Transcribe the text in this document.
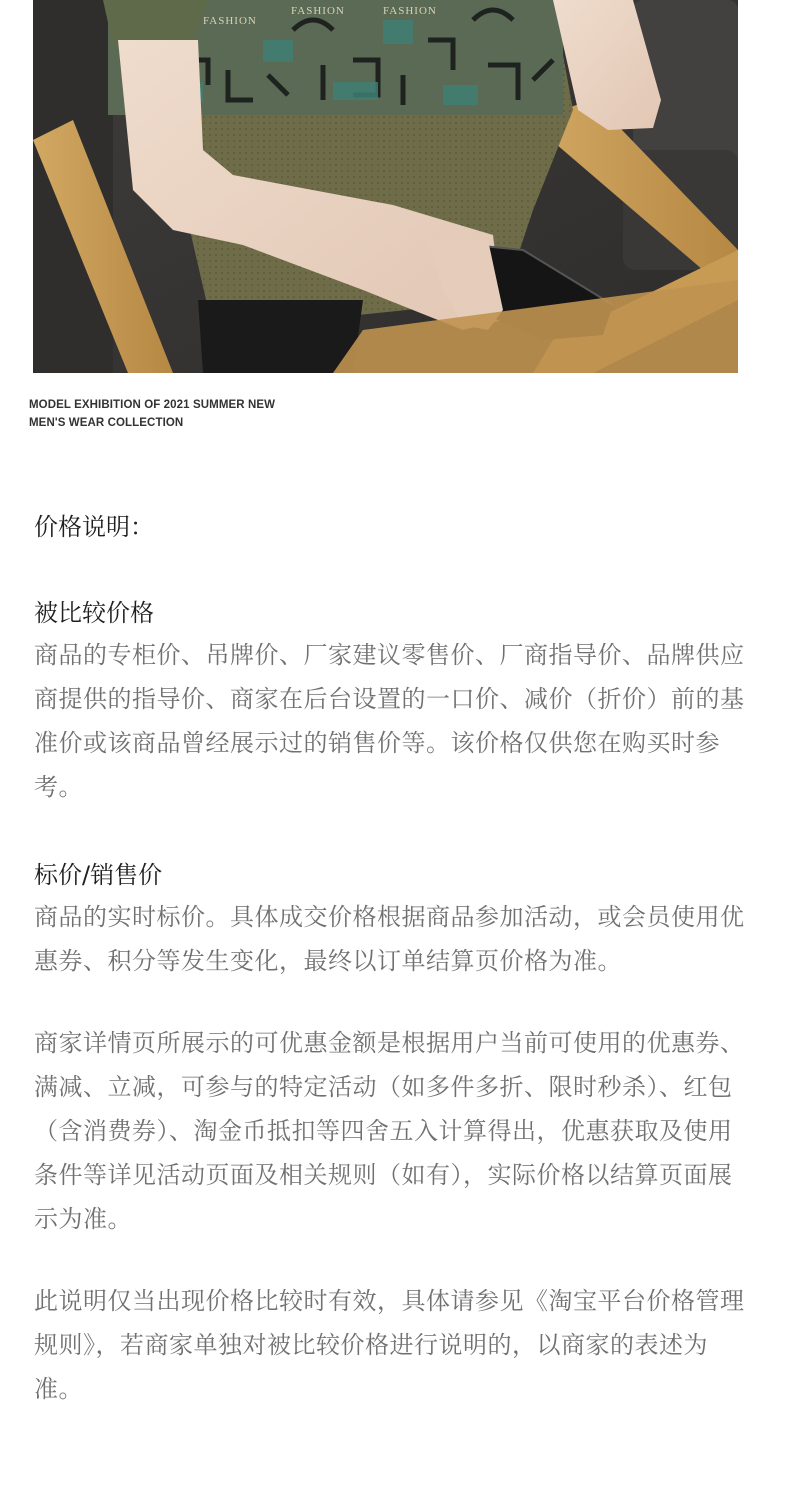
FASHION
FASHION	FASHION
MODEL EXHIBITION OF 2021 SUMMER NEW
MEN'S WEAR COLLECTION
价格说明：
被比较价格

商品的专柜价、吊牌价、厂家建议零售价、厂商指导价、品牌供应商提供的指导价、商家在后台设置的一口价、减价（折价）前的基准价或该商品曾经展示过的销售价等。该价格仅供您在购买时参考。

标价/销售价

商品的实时标价。具体成交价格根据商品参加活动，或会员使用优惠券、积分等发生变化，最终以订单结算页价格为准。

商家详情页所展示的可优惠金额是根据用户当前可使用的优惠券、满减、立减，可参与的特定活动（如多件多折、限时秒杀）、红包（含消费券）、淘金币抵扣等四舍五入计算得出，优惠获取及使用条件等详见活动页面及相关规则（如有），实际价格以结算页面展示为准。

此说明仅当出现价格比较时有效，具体请参见《淘宝平台价格管理规则》，若商家单独对被比较价格进行说明的，以商家的表述为准。
